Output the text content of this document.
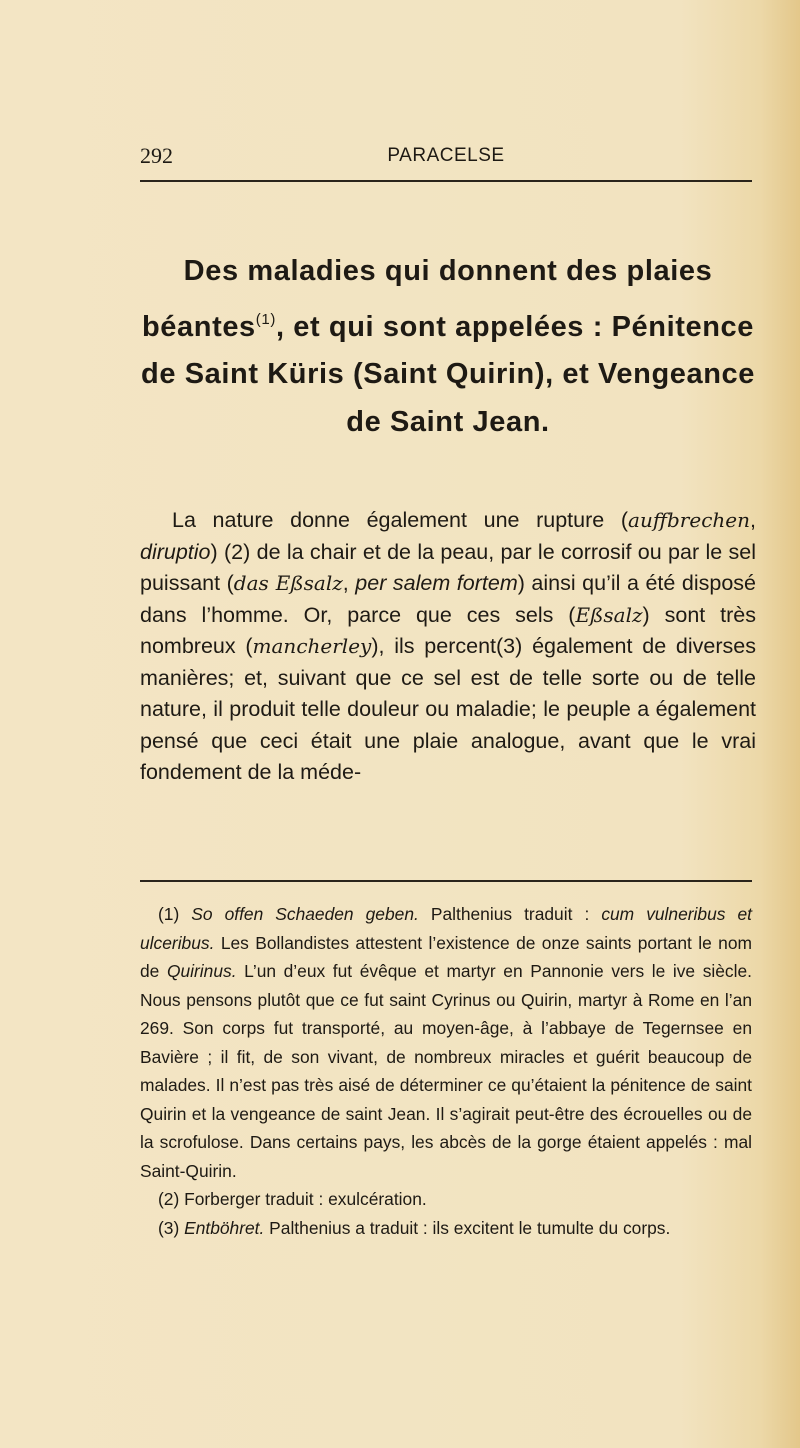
292	PARACELSE
Des maladies qui donnent des plaies béantes$^{(1)}$, et qui sont appelées : Pénitence de Saint Küris (Saint Quirin), et Vengeance de Saint Jean.

La nature donne également une rupture (auffbrechen, diruptio) (2) de la chair et de la peau, par le corrosif ou par le sel puissant (das Eßsalz, per salem fortem) ainsi qu’il a été disposé dans l’homme. Or, parce que ces sels (Eßsalz) sont très nombreux (mancherley), ils percent(3) également de diverses manières; et, suivant que ce sel est de telle sorte ou de telle nature, il produit telle douleur ou maladie; le peuple a également pensé que ceci était une plaie analogue, avant que le vrai fondement de la méde-

(1) So offen Schaeden geben. Palthenius traduit : cum vulneribus et ulceribus. Les Bollandistes attestent l’existence de onze saints portant le nom de Quirinus. L’un d’eux fut évêque et martyr en Pannonie vers le ive siècle. Nous pensons plutôt que ce fut saint Cyrinus ou Quirin, martyr à Rome en l’an 269. Son corps fut transporté, au moyen-âge, à l’abbaye de Tegernsee en Bavière ; il fit, de son vivant, de nombreux miracles et guérit beaucoup de malades. Il n’est pas très aisé de déterminer ce qu’étaient la pénitence de saint Quirin et la vengeance de saint Jean. Il s’agirait peut-être des écrouelles ou de la scrofulose. Dans certains pays, les abcès de la gorge étaient appelés : mal Saint-Quirin.

(2) Forberger traduit : exulcération.

(3) Entböhret. Palthenius a traduit : ils excitent le tumulte du corps.
